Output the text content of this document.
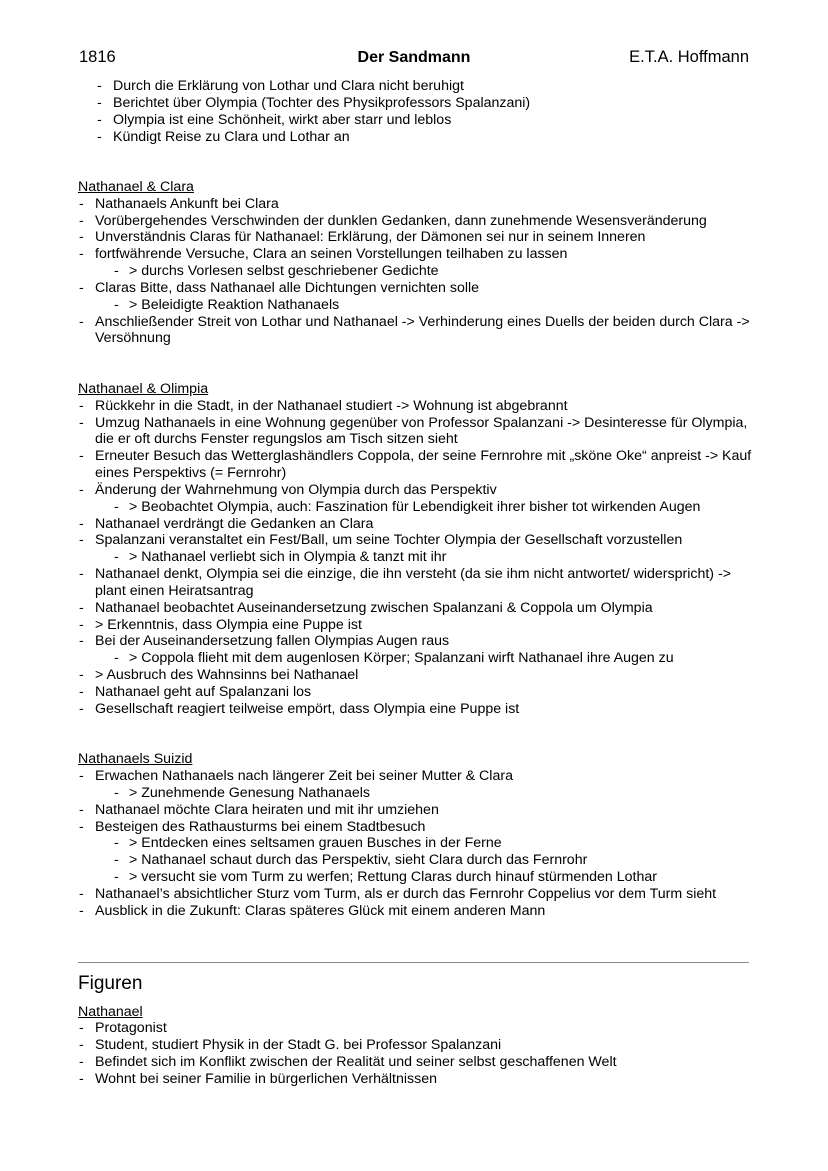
1816	Der Sandmann	E.T.A. Hoffmann
- Durch die Erklärung von Lothar und Clara nicht beruhigt
- Berichtet über Olympia (Tochter des Physikprofessors Spalanzani)
- Olympia ist eine Schönheit, wirkt aber starr und leblos
- Kündigt Reise zu Clara und Lothar an
Nathanael & Clara
- Nathanaels Ankunft bei Clara
- Vorübergehendes Verschwinden der dunklen Gedanken, dann zunehmende Wesensveränderung
- Unverständnis Claras für Nathanael: Erklärung, der Dämonen sei nur in seinem Inneren
- fortfwährende Versuche, Clara an seinen Vorstellungen teilhaben zu lassen
- > durchs Vorlesen selbst geschriebener Gedichte
- Claras Bitte, dass Nathanael alle Dichtungen vernichten solle
- > Beleidigte Reaktion Nathanaels
- Anschließender Streit von Lothar und Nathanael -> Verhinderung eines Duells der beiden durch Clara -> Versöhnung
Nathanael & Olimpia
- Rückkehr in die Stadt, in der Nathanael studiert -> Wohnung ist abgebrannt
- Umzug Nathanaels in eine Wohnung gegenüber von Professor Spalanzani -> Desinteresse für Olympia, die er oft durchs Fenster regungslos am Tisch sitzen sieht
- Erneuter Besuch das Wetterglashändlers Coppola, der seine Fernrohre mit „sköne Oke“ anpreist -> Kauf eines Perspektivs (= Fernrohr)
- Änderung der Wahrnehmung von Olympia durch das Perspektiv
- > Beobachtet Olympia, auch: Faszination für Lebendigkeit ihrer bisher tot wirkenden Augen
- Nathanael verdrängt die Gedanken an Clara
- Spalanzani veranstaltet ein Fest/Ball, um seine Tochter Olympia der Gesellschaft vorzustellen
- > Nathanael verliebt sich in Olympia & tanzt mit ihr
- Nathanael denkt, Olympia sei die einzige, die ihn versteht (da sie ihm nicht antwortet/ widerspricht) -> plant einen Heiratsantrag
- Nathanael beobachtet Auseinandersetzung zwischen Spalanzani & Coppola um Olympia
- > Erkenntnis, dass Olympia eine Puppe ist
- Bei der Auseinandersetzung fallen Olympias Augen raus
- > Coppola flieht mit dem augenlosen Körper; Spalanzani wirft Nathanael ihre Augen zu
- > Ausbruch des Wahnsinns bei Nathanael
- Nathanael geht auf Spalanzani los
- Gesellschaft reagiert teilweise empört, dass Olympia eine Puppe ist
Nathanaels Suizid
- Erwachen Nathanaels nach längerer Zeit bei seiner Mutter & Clara
- > Zunehmende Genesung Nathanaels
- Nathanael möchte Clara heiraten und mit ihr umziehen
- Besteigen des Rathausturms bei einem Stadtbesuch
- > Entdecken eines seltsamen grauen Busches in der Ferne
- > Nathanael schaut durch das Perspektiv, sieht Clara durch das Fernrohr
- > versucht sie vom Turm zu werfen; Rettung Claras durch hinauf stürmenden Lothar
- Nathanael’s absichtlicher Sturz vom Turm, als er durch das Fernrohr Coppelius vor dem Turm sieht
- Ausblick in die Zukunft: Claras späteres Glück mit einem anderen Mann
Figuren
Nathanael
- Protagonist
- Student, studiert Physik in der Stadt G. bei Professor Spalanzani
- Befindet sich im Konflikt zwischen der Realität und seiner selbst geschaffenen Welt
- Wohnt bei seiner Familie in bürgerlichen Verhältnissen
